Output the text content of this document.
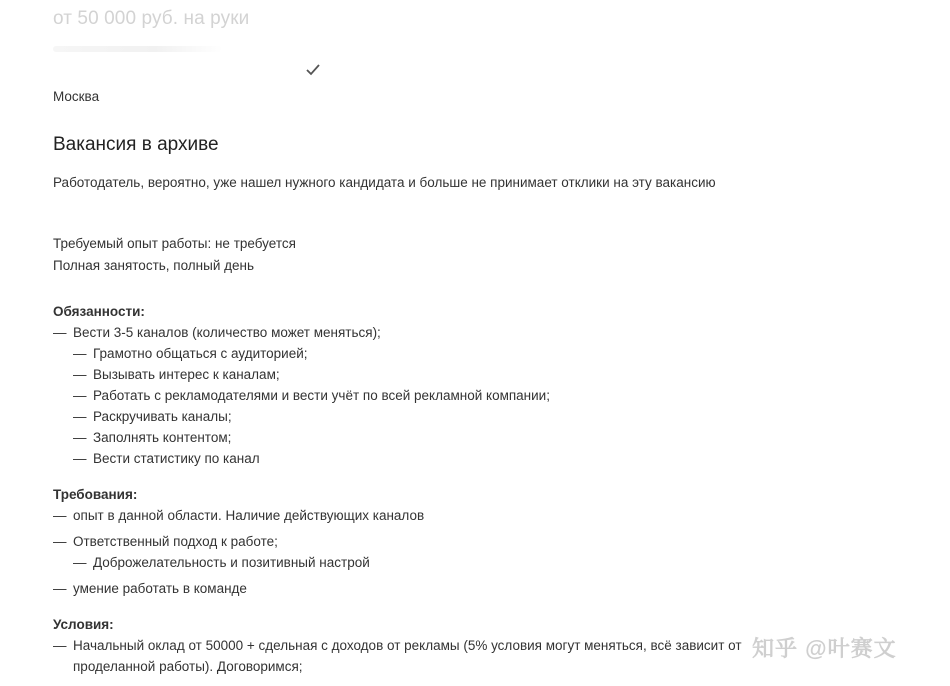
от 50 000 руб. на руки
Москва
Вакансия в архиве
Работодатель, вероятно, уже нашел нужного кандидата и больше не принимает отклики на эту вакансию
Требуемый опыт работы: не требуется
Полная занятость, полный день
Обязанности:
— Вести 3-5 каналов (количество может меняться);
— Грамотно общаться с аудиторией;
— Вызывать интерес к каналам;
— Работать с рекламодателями и вести учёт по всей рекламной компании;
— Раскручивать каналы;
— Заполнять контентом;
— Вести статистику по канал
Требования:
— опыт в данной области. Наличие действующих каналов
— Ответственный подход к работе;
— Доброжелательность и позитивный настрой
— умение работать в команде
Условия:
— Начальный оклад от 50000 + сдельная с доходов от рекламы (5% условия могут меняться, всё зависит от
проделанной работы). Договоримся;
知乎 @叶赛文
